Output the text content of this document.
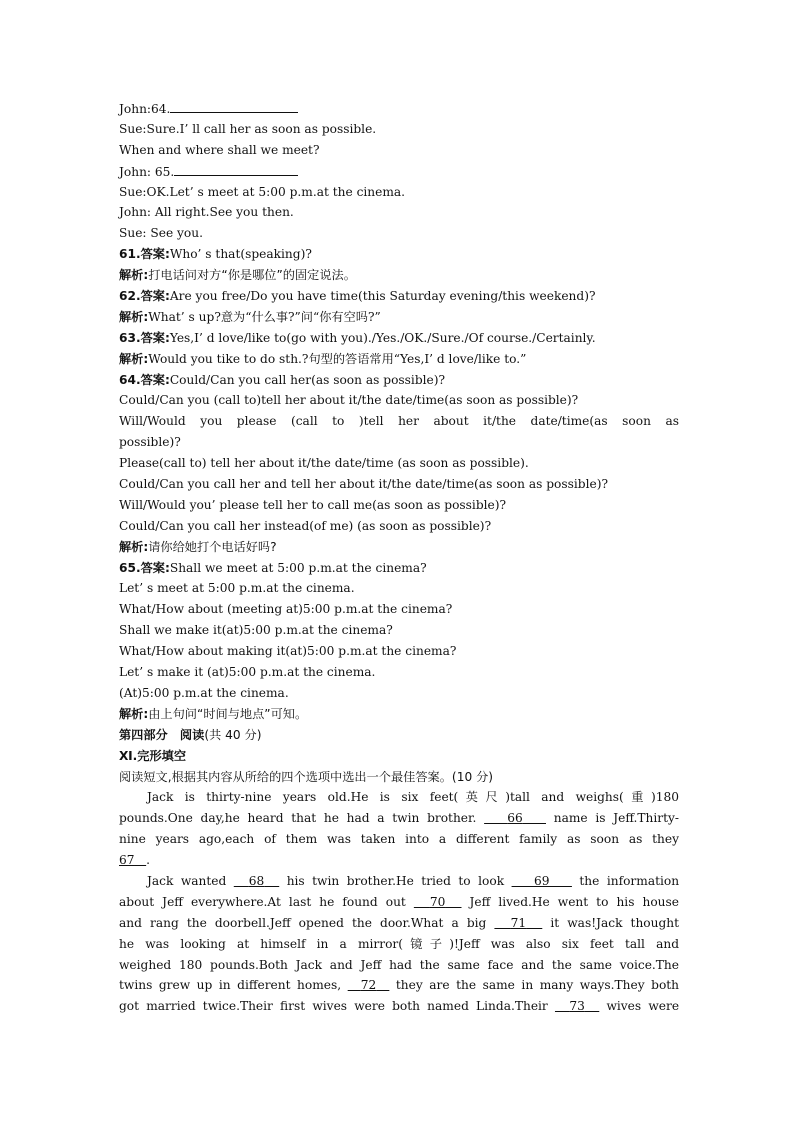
John:64.
Sue:Sure.I’ ll call her as soon as possible.
When and where shall we meet?
John: 65.
Sue:OK.Let’ s meet at 5:00 p.m.at the cinema.
John: All right.See you then.
Sue: See you.
61.答案:Who’ s that(speaking)?
解析:打电话问对方“你是哪位”的固定说法。
62.答案:Are you free/Do you have time(this Saturday evening/this weekend)?
解析:What’ s up?意为“什么事?”问“你有空吗?”
63.答案:Yes,I’ d love/like to(go with you)./Yes./OK./Sure./Of course./Certainly.
解析:Would you tike to do sth.?句型的答语常用“Yes,I’ d love/like to.”
64.答案:Could/Can you call her(as soon as possible)?
Could/Can you (call to)tell her about it/the date/time(as soon as possible)?
Will/Would you please (call to )tell her about it/the date/time(as soon as
possible)?
Please(call to) tell her about it/the date/time (as soon as possible).
Could/Can you call her and tell her about it/the date/time(as soon as possible)?
Will/Would you’ please tell her to call me(as soon as possible)?
Could/Can you call her instead(of me) (as soon as possible)?
解析:请你给她打个电话好吗?
65.答案:Shall we meet at 5:00 p.m.at the cinema?
Let’ s meet at 5:00 p.m.at the cinema.
What/How about (meeting at)5:00 p.m.at the cinema?
Shall we make it(at)5:00 p.m.at the cinema?
What/How about making it(at)5:00 p.m.at the cinema?
Let’ s make it (at)5:00 p.m.at the cinema.
(At)5:00 p.m.at the cinema.
解析:由上句问“时间与地点”可知。
第四部分　阅读(共 40 分)
Ⅺ.完形填空
阅读短文,根据其内容从所给的四个选项中选出一个最佳答案。(10 分)
Jack is thirty-nine years old.He is six feet(英尺)tall and weighs(重)180
pounds.One day,he heard that he had a twin brother.	66	name is Jeff.Thirty-
nine years ago,each of them was taken into a different family as soon as they
67 .
Jack wanted 68 his twin brother.He tried to look 69 the information
about Jeff everywhere.At last he found out 70 Jeff lived.He went to his house
and rang the doorbell.Jeff opened the door.What a big 71 it was!Jack thought
he was looking at himself in a mirror(镜子)!Jeff was also six feet tall and
weighed 180 pounds.Both Jack and Jeff had the same face and the same voice.The
twins grew up in different homes, 72 they are the same in many ways.They both
got married twice.Their first wives were both named Linda.Their 73 wives were
